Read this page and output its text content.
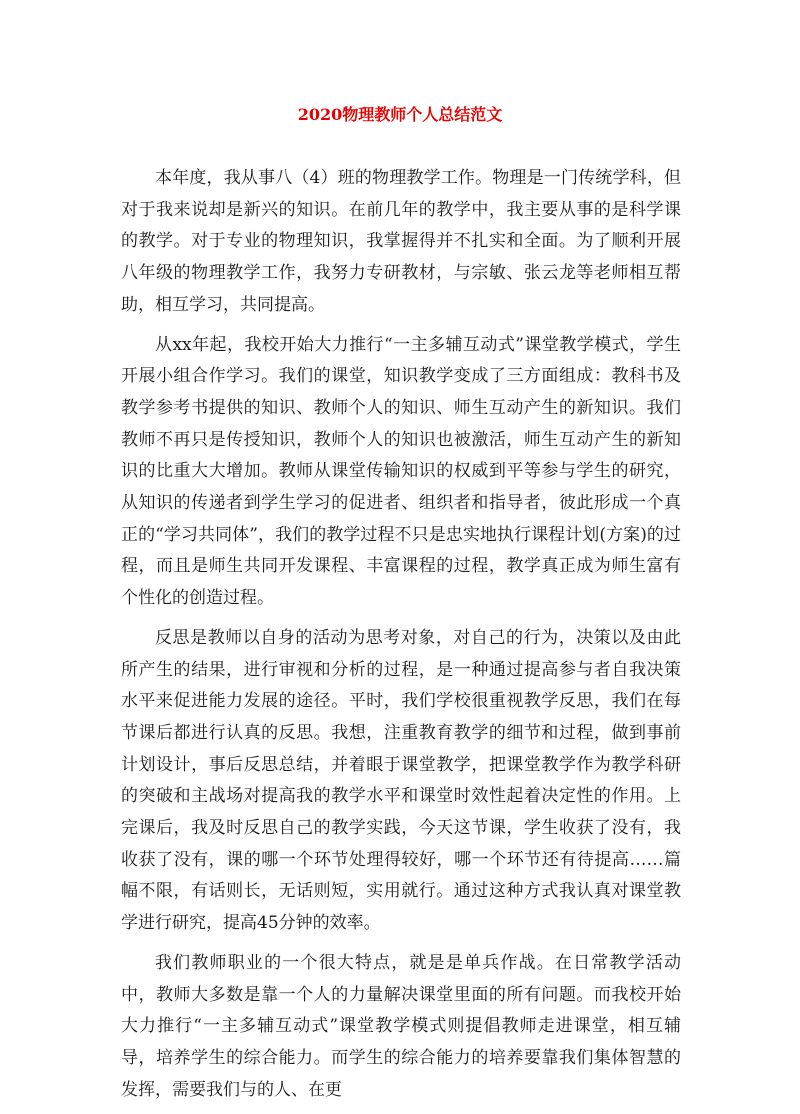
2020物理教师个人总结范文

本年度，我从事八（4）班的物理教学工作。物理是一门传统学科，但对于我来说却是新兴的知识。在前几年的教学中，我主要从事的是科学课的教学。对于专业的物理知识，我掌握得并不扎实和全面。为了顺利开展八年级的物理教学工作，我努力专研教材，与宗敏、张云龙等老师相互帮助，相互学习，共同提高。

从xx年起，我校开始大力推行“一主多辅互动式”课堂教学模式，学生开展小组合作学习。我们的课堂，知识教学变成了三方面组成：教科书及教学参考书提供的知识、教师个人的知识、师生互动产生的新知识。我们教师不再只是传授知识，教师个人的知识也被激活，师生互动产生的新知识的比重大大增加。教师从课堂传输知识的权威到平等参与学生的研究，从知识的传递者到学生学习的促进者、组织者和指导者，彼此形成一个真正的“学习共同体”，我们的教学过程不只是忠实地执行课程计划(方案)的过程，而且是师生共同开发课程、丰富课程的过程，教学真正成为师生富有个性化的创造过程。

反思是教师以自身的活动为思考对象，对自己的行为，决策以及由此所产生的结果，进行审视和分析的过程，是一种通过提高参与者自我决策水平来促进能力发展的途径。平时，我们学校很重视教学反思，我们在每节课后都进行认真的反思。我想，注重教育教学的细节和过程，做到事前计划设计，事后反思总结，并着眼于课堂教学，把课堂教学作为教学科研的突破和主战场对提高我的教学水平和课堂时效性起着决定性的作用。上完课后，我及时反思自己的教学实践，今天这节课，学生收获了没有，我收获了没有，课的哪一个环节处理得较好，哪一个环节还有待提高……篇幅不限，有话则长，无话则短，实用就行。通过这种方式我认真对课堂教学进行研究，提高45分钟的效率。

我们教师职业的一个很大特点，就是是单兵作战。在日常教学活动中，教师大多数是靠一个人的力量解决课堂里面的所有问题。而我校开始大力推行“一主多辅互动式”课堂教学模式则提倡教师走进课堂，相互辅导，培养学生的综合能力。而学生的综合能力的培养要靠我们集体智慧的发挥，需要我们与的人、在更
